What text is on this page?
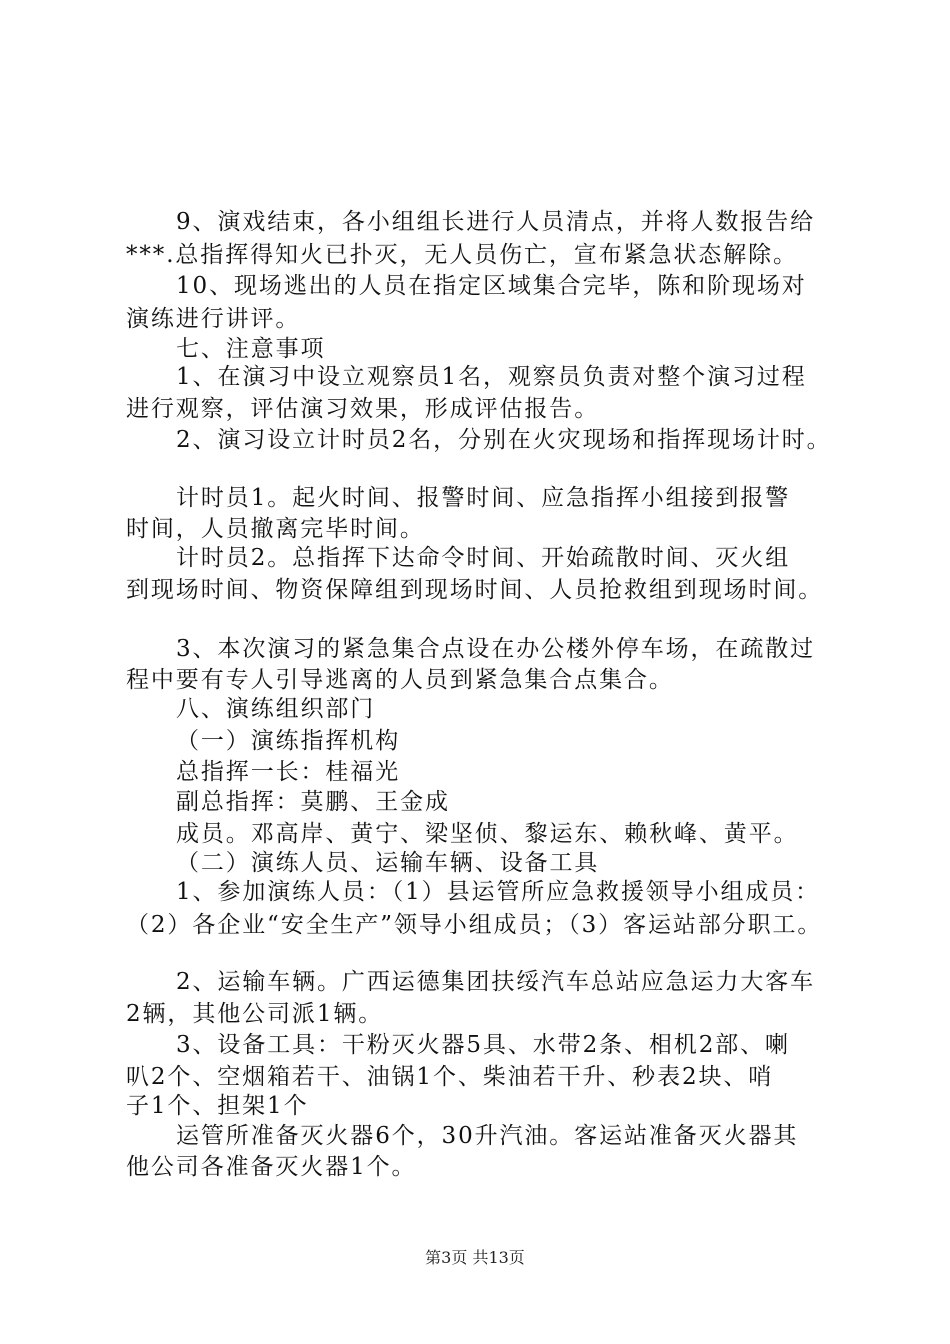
9、演戏结束，各小组组长进行人员清点，并将人数报告给
***.总指挥得知火已扑灭，无人员伤亡，宣布紧急状态解除。
10、现场逃出的人员在指定区域集合完毕，陈和阶现场对
演练进行讲评。
七、注意事项
1、在演习中设立观察员1名，观察员负责对整个演习过程
进行观察，评估演习效果，形成评估报告。
2、演习设立计时员2名，分别在火灾现场和指挥现场计时。
计时员1。起火时间、报警时间、应急指挥小组接到报警
时间，人员撤离完毕时间。
计时员2。总指挥下达命令时间、开始疏散时间、灭火组
到现场时间、物资保障组到现场时间、人员抢救组到现场时间。
3、本次演习的紧急集合点设在办公楼外停车场，在疏散过
程中要有专人引导逃离的人员到紧急集合点集合。
八、演练组织部门
（一）演练指挥机构
总指挥一长：桂福光
副总指挥：莫鹏、王金成
成员。邓高岸、黄宁、梁坚侦、黎运东、赖秋峰、黄平。
（二）演练人员、运输车辆、设备工具
1、参加演练人员：（1）县运管所应急救援领导小组成员：
（2）各企业“安全生产”领导小组成员；（3）客运站部分职工。
2、运输车辆。广西运德集团扶绥汽车总站应急运力大客车
2辆，其他公司派1辆。
3、设备工具：干粉灭火器5具、水带2条、相机2部、喇
叭2个、空烟箱若干、油锅1个、柴油若干升、秒表2块、哨
子1个、担架1个
运管所准备灭火器6个，30升汽油。客运站准备灭火器其
他公司各准备灭火器1个。
第3页 共13页
